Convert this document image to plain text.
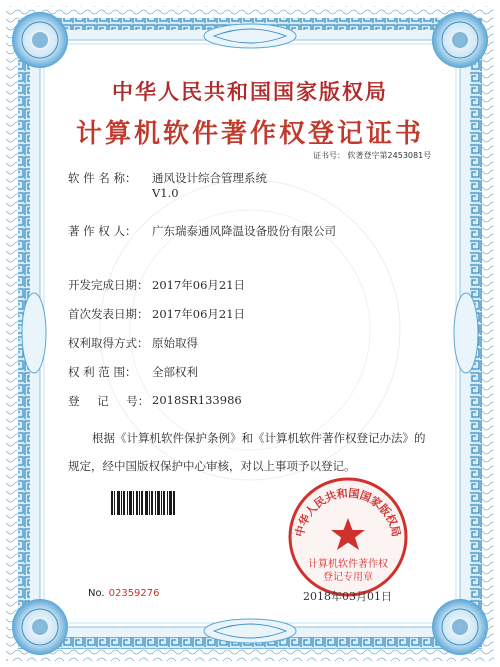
中华人民共和国国家版权局
计算机软件著作权登记证书
证书号： 软著登字第2453081号
软 件 名 称： 通风设计综合管理系统
V1.0
著 作 权 人： 广东瑞泰通风降温设备股份有限公司
开发完成日期： 2017年06月21日
首次发表日期： 2017年06月21日
权利取得方式： 原始取得
权 利 范 围： 全部权利
登 记 号： 2018SR133986
根据《计算机软件保护条例》和《计算机软件著作权登记办法》的
规定，经中国版权保护中心审核，对以上事项予以登记。
中华人民共和国国家版权局
计算机软件著作权
登记专用章
No. 02359276	2018年03月01日
